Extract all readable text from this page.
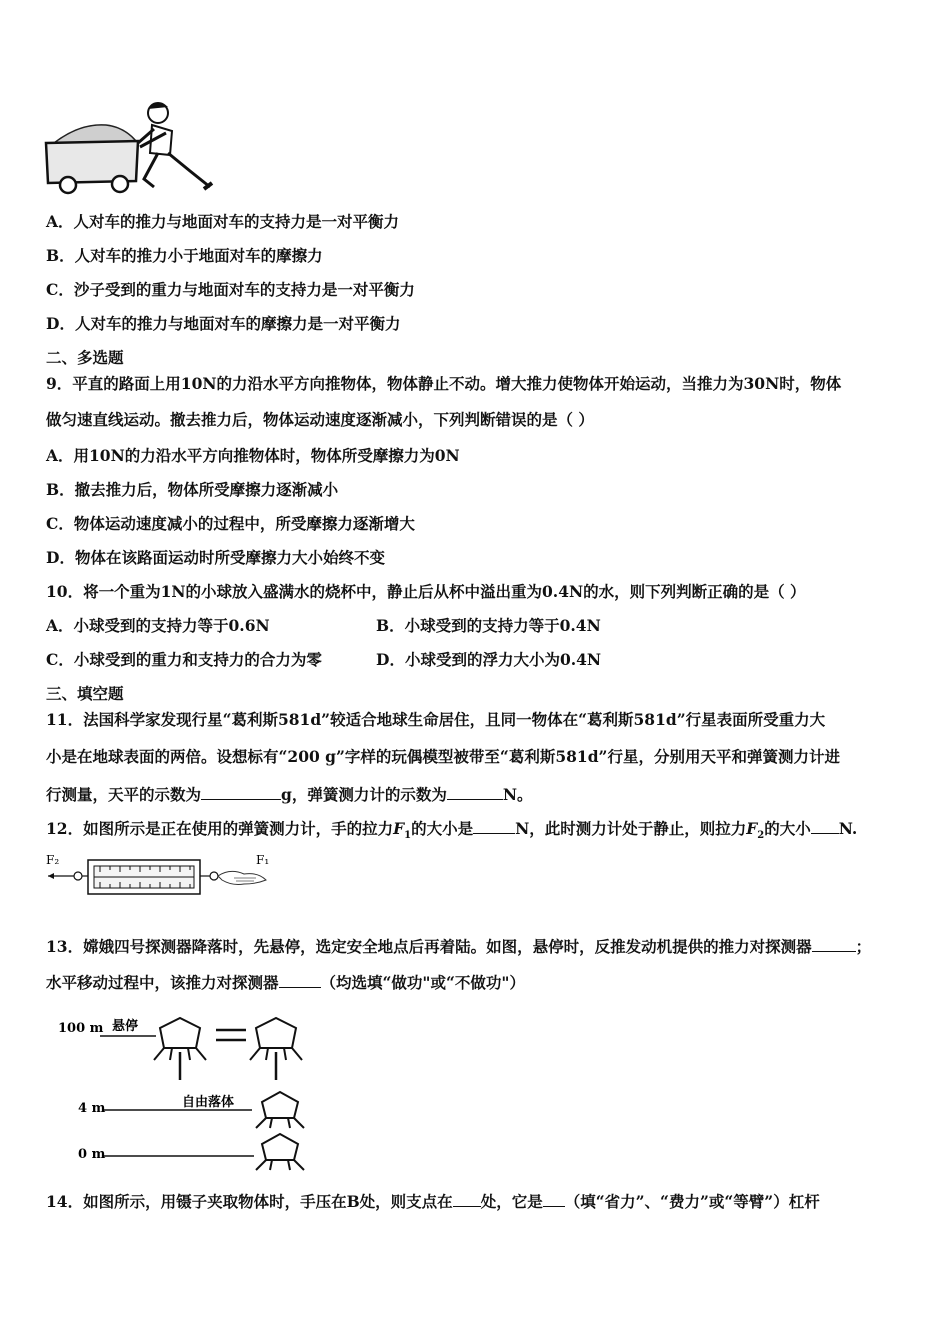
A．人对车的推力与地面对车的支持力是一对平衡力
B．人对车的推力小于地面对车的摩擦力
C．沙子受到的重力与地面对车的支持力是一对平衡力
D．人对车的推力与地面对车的摩擦力是一对平衡力
二、多选题
9．平直的路面上用10N的力沿水平方向推物体，物体静止不动。增大推力使物体开始运动，当推力为30N时，物体
做匀速直线运动。撤去推力后，物体运动速度逐渐减小，下列判断错误的是（ ）
A．用10N的力沿水平方向推物体时，物体所受摩擦力为0N
B．撤去推力后，物体所受摩擦力逐渐减小
C．物体运动速度减小的过程中，所受摩擦力逐渐增大
D．物体在该路面运动时所受摩擦力大小始终不变
10．将一个重为1N的小球放入盛满水的烧杯中，静止后从杯中溢出重为0.4N的水，则下列判断正确的是（ ）
A．小球受到的支持力等于0.6N	B．小球受到的支持力等于0.4N
C．小球受到的重力和支持力的合力为零	D．小球受到的浮力大小为0.4N
三、填空题
11．法国科学家发现行星“葛利斯581d”较适合地球生命居住，且同一物体在“葛利斯581d”行星表面所受重力大
小是在地球表面的两倍。设想标有“200 g”字样的玩偶模型被带至“葛利斯581d”行星，分别用天平和弹簧测力计进
行测量，天平的示数为	g，弹簧测力计的示数为	N。
12．如图所示是正在使用的弹簧测力计，手的拉力$F_1$的大小是	N，此时测力计处于静止，则拉力$F_2$的大小 N.
F₂	F₁
13．嫦娥四号探测器降落时，先悬停，选定安全地点后再着陆。如图，悬停时，反推发动机提供的推力对探测器	；
水平移动过程中，该推力对探测器	（均选填“做功"或“不做功"）
100 m 悬停
4 m	自由落体
0 m
14．如图所示，用镊子夹取物体时，手压在B处，则支点在 处，它是 （填“省力”、“费力”或“等臂”）杠杆
